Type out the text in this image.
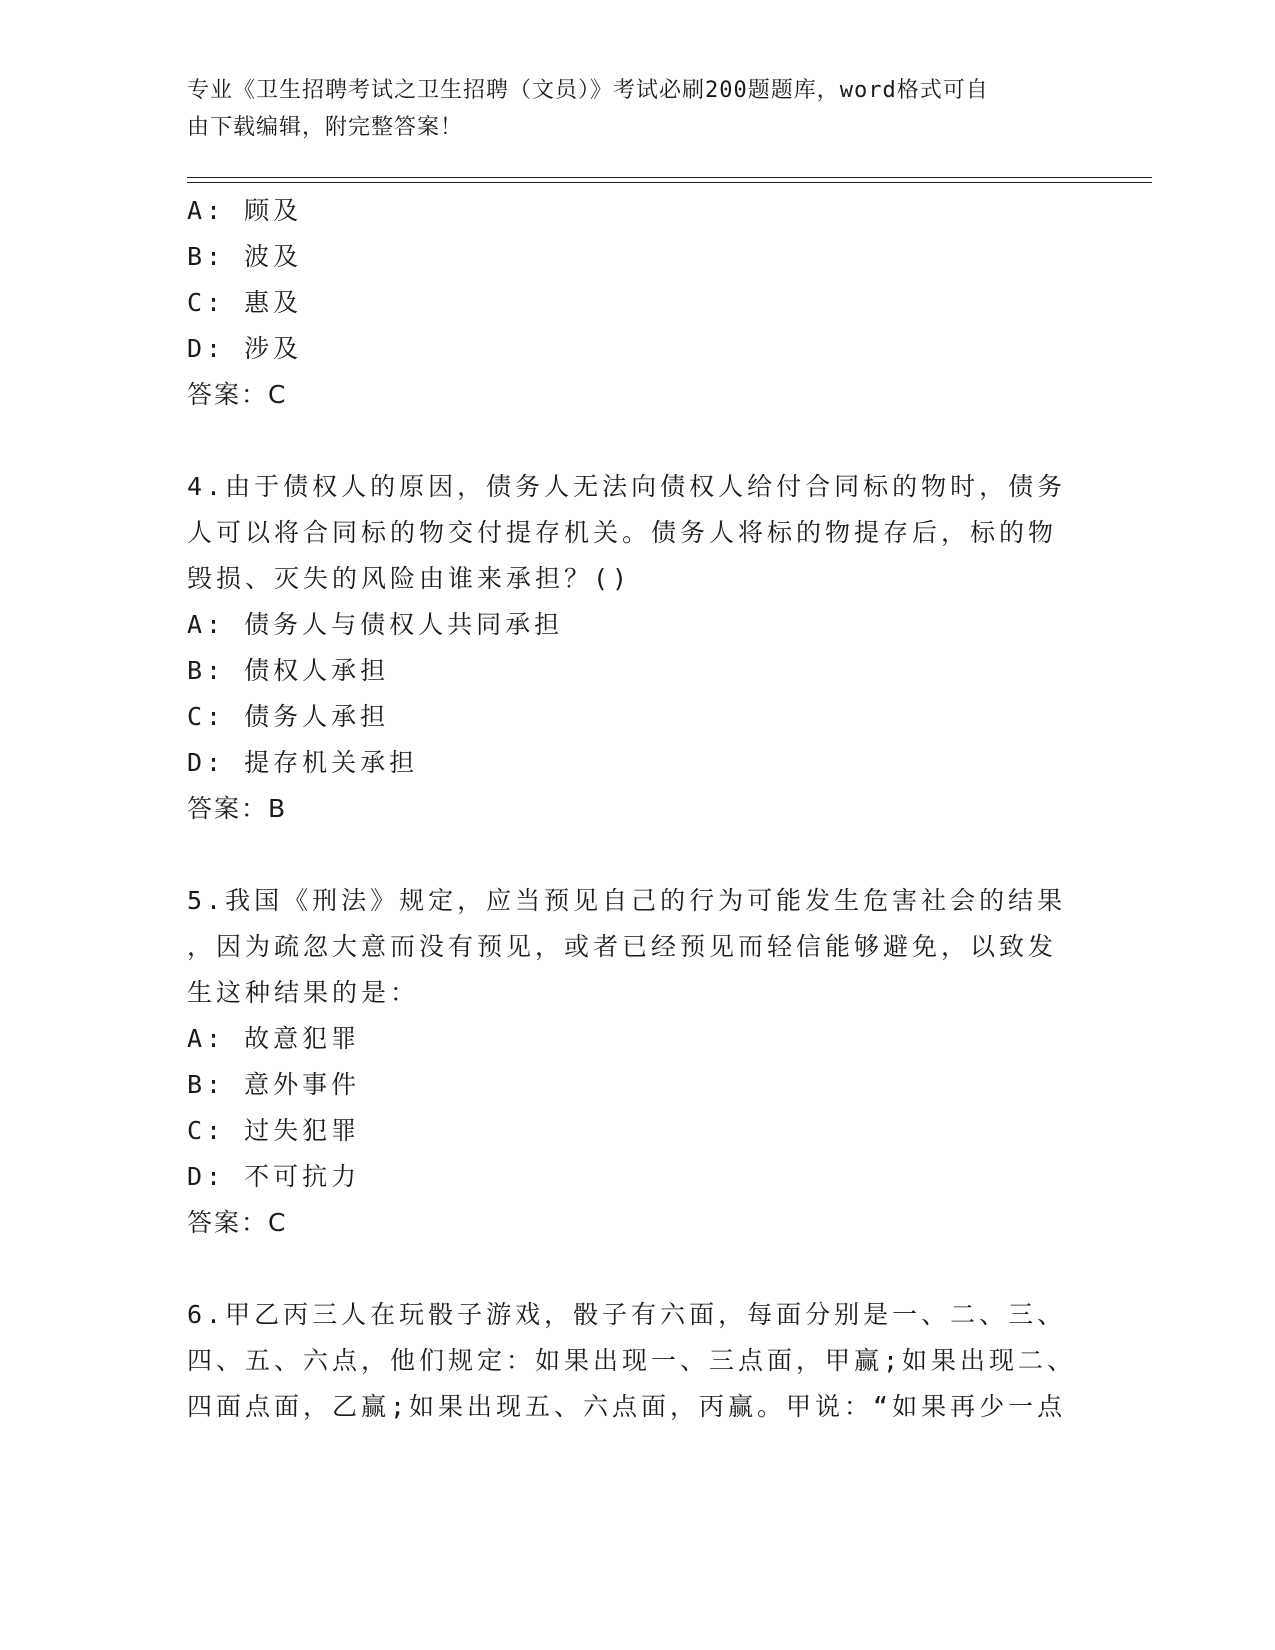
专业《卫生招聘考试之卫生招聘（文员）》考试必刷200题题库，word格式可自
由下载编辑，附完整答案！
A: 顾及
B: 波及
C: 惠及
D: 涉及
答案：C
4.由于债权人的原因，债务人无法向债权人给付合同标的物时，债务
人可以将合同标的物交付提存机关。债务人将标的物提存后，标的物
毁损、灭失的风险由谁来承担？()
A: 债务人与债权人共同承担
B: 债权人承担
C: 债务人承担
D: 提存机关承担
答案：B
5.我国《刑法》规定，应当预见自己的行为可能发生危害社会的结果
，因为疏忽大意而没有预见，或者已经预见而轻信能够避免，以致发
生这种结果的是：
A: 故意犯罪
B: 意外事件
C: 过失犯罪
D: 不可抗力
答案：C
6.甲乙丙三人在玩骰子游戏，骰子有六面，每面分别是一、二、三、
四、五、六点，他们规定：如果出现一、三点面，甲赢;如果出现二、
四面点面，乙赢;如果出现五、六点面，丙赢。甲说：“如果再少一点
